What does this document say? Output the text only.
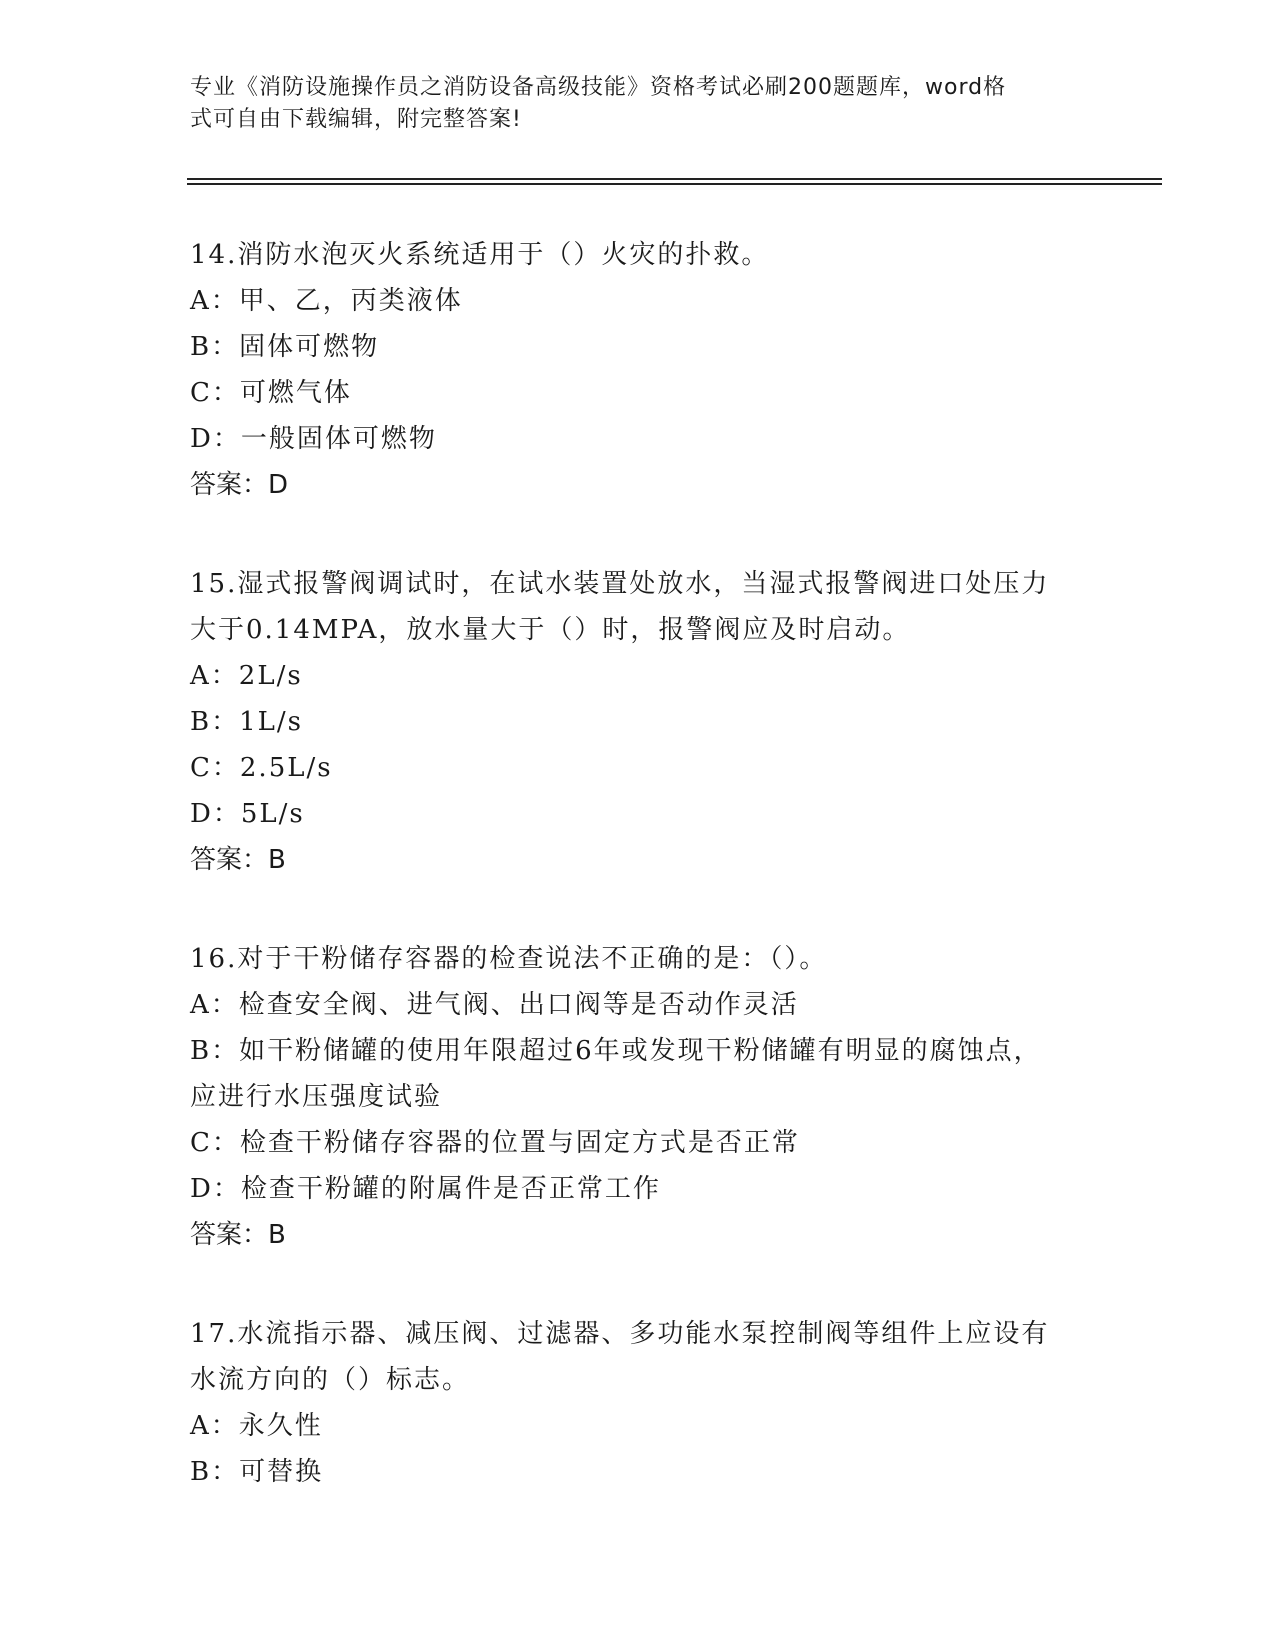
专业《消防设施操作员之消防设备高级技能》资格考试必刷200题题库，word格
式可自由下载编辑，附完整答案!
14.消防水泡灭火系统适用于（）火灾的扑救。
A：甲、乙，丙类液体
B：固体可燃物
C：可燃气体
D：一般固体可燃物
答案：D
15.湿式报警阀调试时，在试水装置处放水，当湿式报警阀进口处压力
大于0.14MPA，放水量大于（）时，报警阀应及时启动。
A：2L/s
B：1L/s
C：2.5L/s
D：5L/s
答案：B
16.对于干粉储存容器的检查说法不正确的是：（）。
A：检查安全阀、进气阀、出口阀等是否动作灵活
B：如干粉储罐的使用年限超过6年或发现干粉储罐有明显的腐蚀点，
应进行水压强度试验
C：检查干粉储存容器的位置与固定方式是否正常
D：检查干粉罐的附属件是否正常工作
答案：B
17.水流指示器、减压阀、过滤器、多功能水泵控制阀等组件上应设有
水流方向的（）标志。
A：永久性
B：可替换
